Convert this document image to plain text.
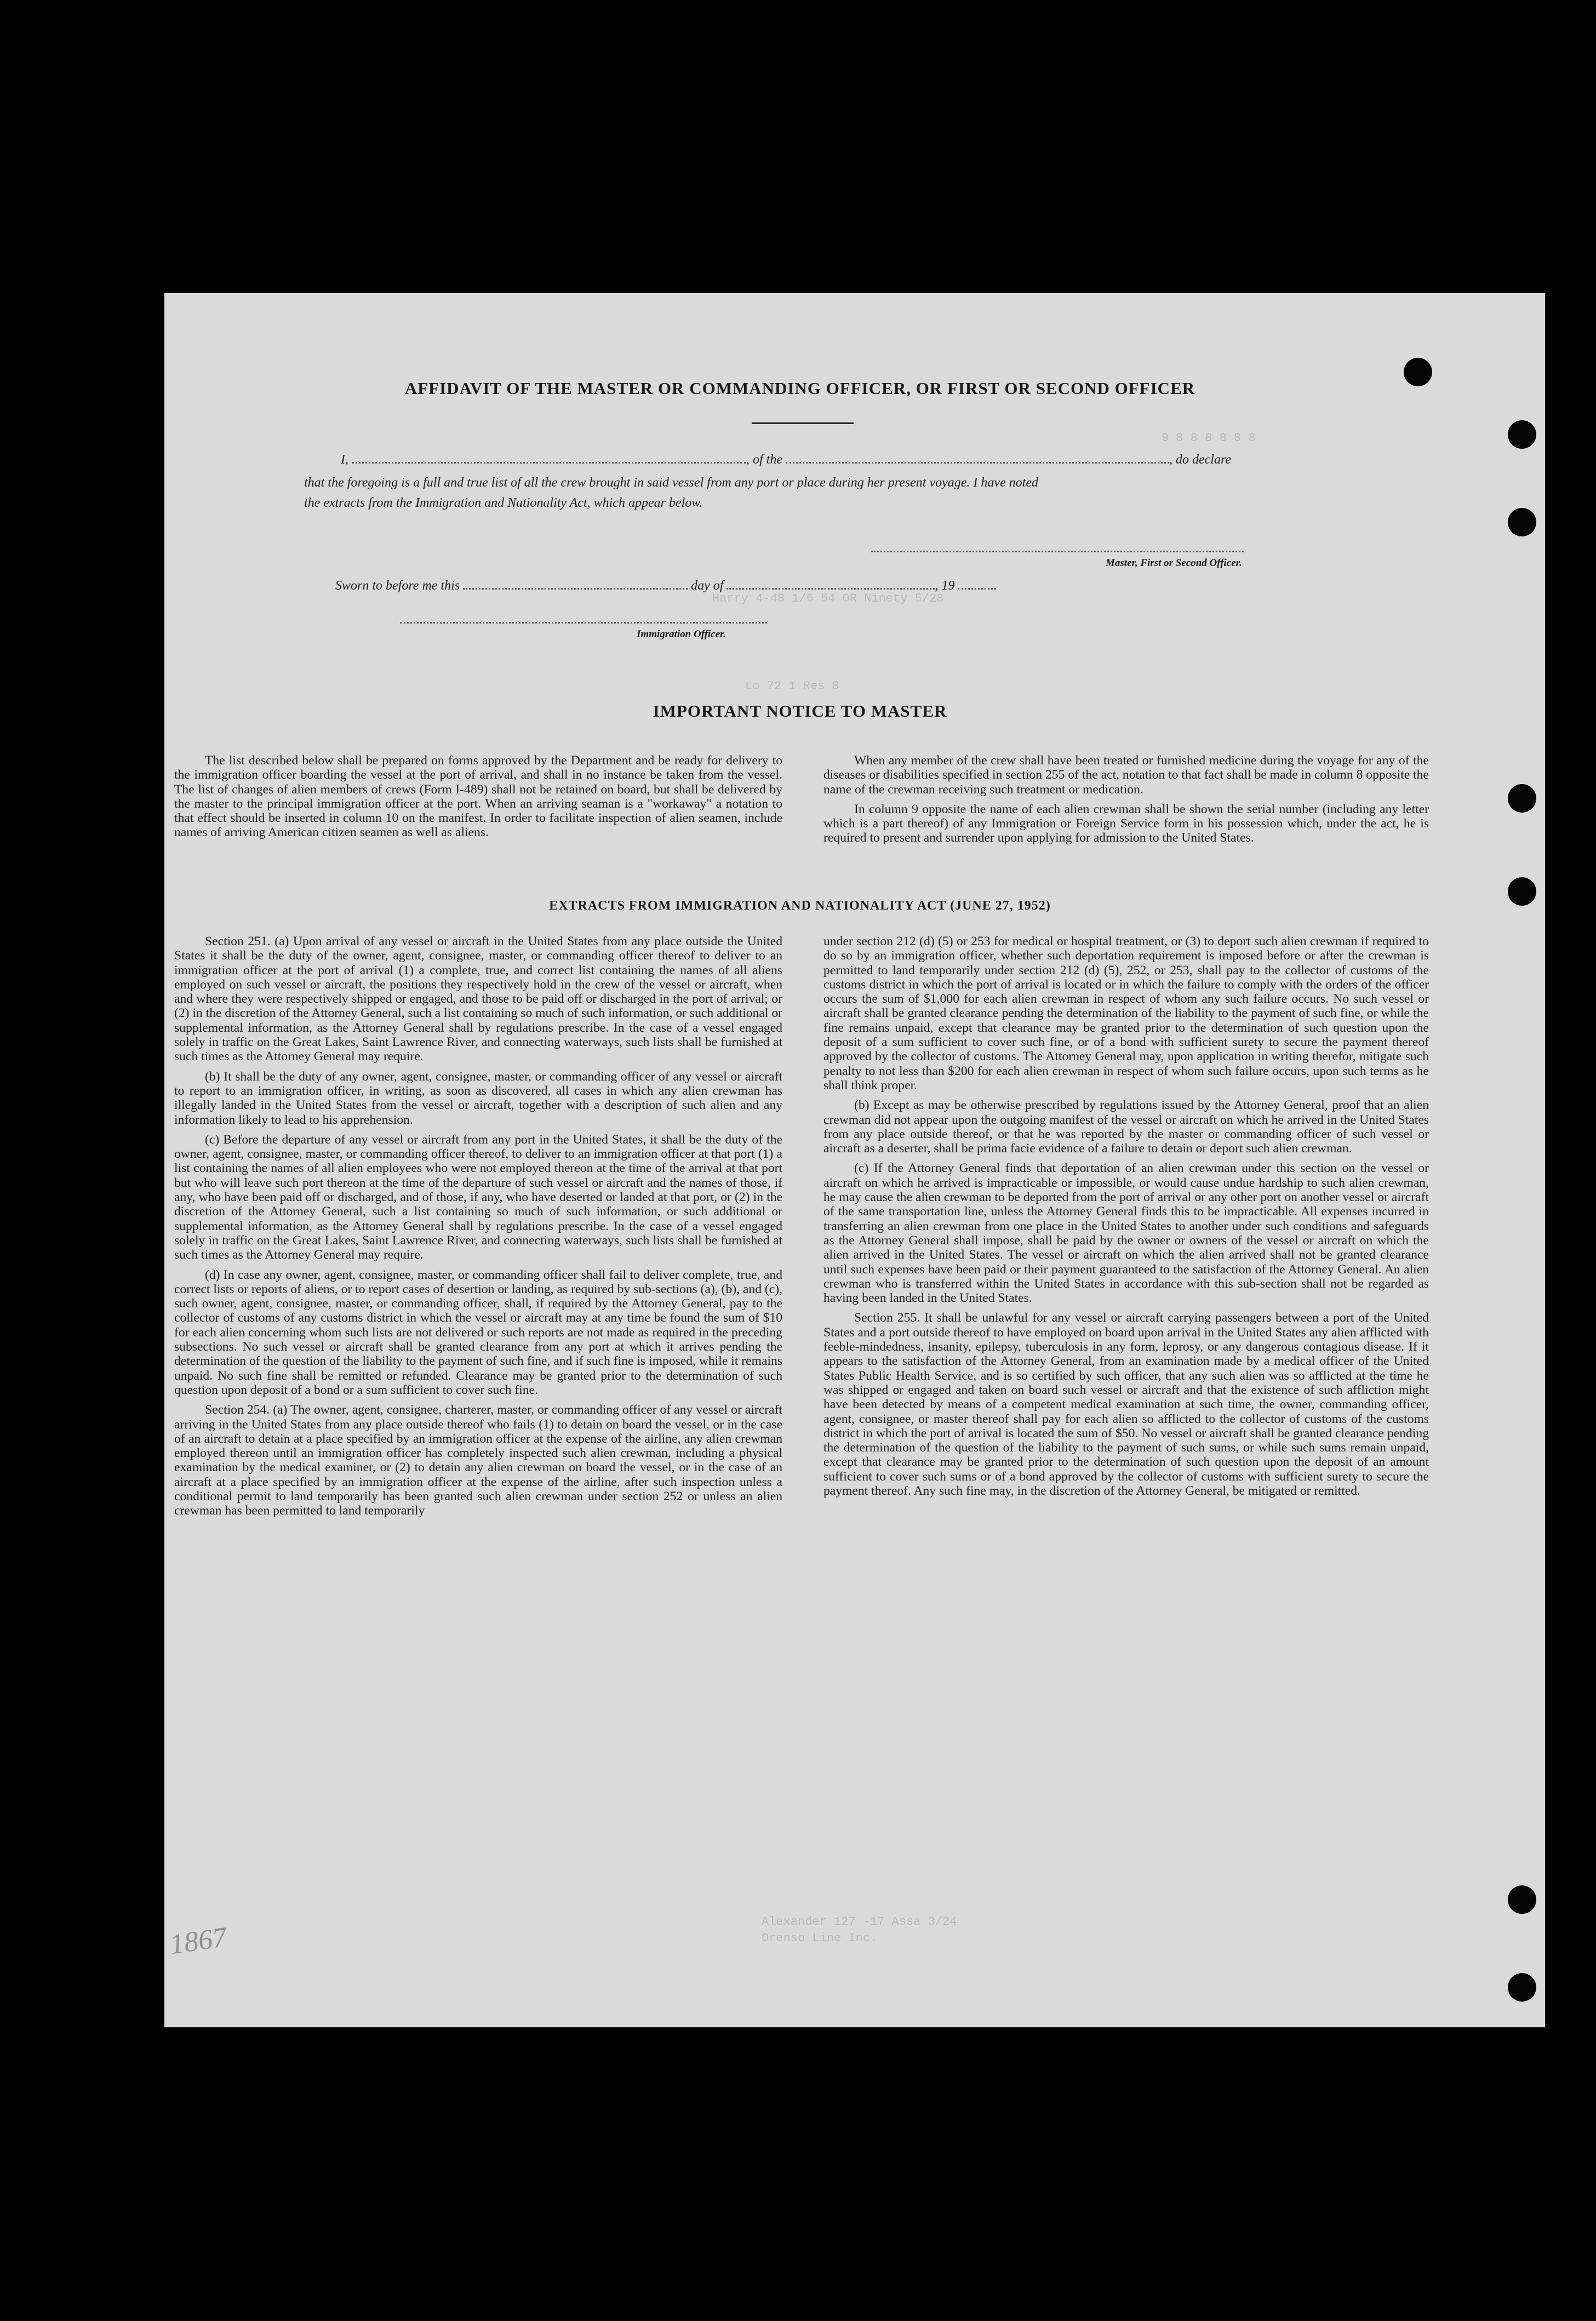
9 8 8 8 8 8 8
Harry 4-48 1/6 54 OR Ninety 5/28
Lo 72 1 Res 8
Alexander 127 -17 Assa 3/24
Orenso Line Inc.
AFFIDAVIT OF THE MASTER OR COMMANDING OFFICER, OR FIRST OR SECOND OFFICER
I,	, of the	, do declare
that the foregoing is a full and true list of all the crew brought in said vessel from any port or place during her present voyage. I have noted
the extracts from the Immigration and Nationality Act, which appear below.
Master, First or Second Officer.
Sworn to before me this	day of	, 19
Immigration Officer.
IMPORTANT NOTICE TO MASTER

The list described below shall be prepared on forms approved by the Department and be ready for delivery to the immigration officer boarding the vessel at the port of arrival, and shall in no instance be taken from the vessel. The list of changes of alien members of crews (Form I-489) shall not be retained on board, but shall be delivered by the master to the principal immigration officer at the port. When an arriving seaman is a "workaway" a notation to that effect should be inserted in column 10 on the manifest. In order to facilitate inspection of alien seamen, include names of arriving American citizen seamen as well as aliens.

When any member of the crew shall have been treated or furnished medicine during the voyage for any of the diseases or disabilities specified in section 255 of the act, notation to that fact shall be made in column 8 opposite the name of the crewman receiving such treatment or medication.

In column 9 opposite the name of each alien crewman shall be shown the serial number (including any letter which is a part thereof) of any Immigration or Foreign Service form in his possession which, under the act, he is required to present and surrender upon applying for admission to the United States.

EXTRACTS FROM IMMIGRATION AND NATIONALITY ACT (JUNE 27, 1952)

Section 251. (a) Upon arrival of any vessel or aircraft in the United States from any place outside the United States it shall be the duty of the owner, agent, consignee, master, or commanding officer thereof to deliver to an immigration officer at the port of arrival (1) a complete, true, and correct list containing the names of all aliens employed on such vessel or aircraft, the positions they respectively hold in the crew of the vessel or aircraft, when and where they were respectively shipped or engaged, and those to be paid off or discharged in the port of arrival; or (2) in the discretion of the Attorney General, such a list containing so much of such information, or such additional or supplemental information, as the Attorney General shall by regulations prescribe. In the case of a vessel engaged solely in traffic on the Great Lakes, Saint Lawrence River, and connecting waterways, such lists shall be furnished at such times as the Attorney General may require.

(b) It shall be the duty of any owner, agent, consignee, master, or commanding officer of any vessel or aircraft to report to an immigration officer, in writing, as soon as discovered, all cases in which any alien crewman has illegally landed in the United States from the vessel or aircraft, together with a description of such alien and any information likely to lead to his apprehension.

(c) Before the departure of any vessel or aircraft from any port in the United States, it shall be the duty of the owner, agent, consignee, master, or commanding officer thereof, to deliver to an immigration officer at that port (1) a list containing the names of all alien employees who were not employed thereon at the time of the arrival at that port but who will leave such port thereon at the time of the departure of such vessel or aircraft and the names of those, if any, who have been paid off or discharged, and of those, if any, who have deserted or landed at that port, or (2) in the discretion of the Attorney General, such a list containing so much of such information, or such additional or supplemental information, as the Attorney General shall by regulations prescribe. In the case of a vessel engaged solely in traffic on the Great Lakes, Saint Lawrence River, and connecting waterways, such lists shall be furnished at such times as the Attorney General may require.

(d) In case any owner, agent, consignee, master, or commanding officer shall fail to deliver complete, true, and correct lists or reports of aliens, or to report cases of desertion or landing, as required by sub-sections (a), (b), and (c), such owner, agent, consignee, master, or commanding officer, shall, if required by the Attorney General, pay to the collector of customs of any customs district in which the vessel or aircraft may at any time be found the sum of $10 for each alien concerning whom such lists are not delivered or such reports are not made as required in the preceding subsections. No such vessel or aircraft shall be granted clearance from any port at which it arrives pending the determination of the question of the liability to the payment of such fine, and if such fine is imposed, while it remains unpaid. No such fine shall be remitted or refunded. Clearance may be granted prior to the determination of such question upon deposit of a bond or a sum sufficient to cover such fine.

Section 254. (a) The owner, agent, consignee, charterer, master, or commanding officer of any vessel or aircraft arriving in the United States from any place outside thereof who fails (1) to detain on board the vessel, or in the case of an aircraft to detain at a place specified by an immigration officer at the expense of the airline, any alien crewman employed thereon until an immigration officer has completely inspected such alien crewman, including a physical examination by the medical examiner, or (2) to detain any alien crewman on board the vessel, or in the case of an aircraft at a place specified by an immigration officer at the expense of the airline, after such inspection unless a conditional permit to land temporarily has been granted such alien crewman under section 252 or unless an alien crewman has been permitted to land temporarily

under section 212 (d) (5) or 253 for medical or hospital treatment, or (3) to deport such alien crewman if required to do so by an immigration officer, whether such deportation requirement is imposed before or after the crewman is permitted to land temporarily under section 212 (d) (5), 252, or 253, shall pay to the collector of customs of the customs district in which the port of arrival is located or in which the failure to comply with the orders of the officer occurs the sum of $1,000 for each alien crewman in respect of whom any such failure occurs. No such vessel or aircraft shall be granted clearance pending the determination of the liability to the payment of such fine, or while the fine remains unpaid, except that clearance may be granted prior to the determination of such question upon the deposit of a sum sufficient to cover such fine, or of a bond with sufficient surety to secure the payment thereof approved by the collector of customs. The Attorney General may, upon application in writing therefor, mitigate such penalty to not less than $200 for each alien crewman in respect of whom such failure occurs, upon such terms as he shall think proper.

(b) Except as may be otherwise prescribed by regulations issued by the Attorney General, proof that an alien crewman did not appear upon the outgoing manifest of the vessel or aircraft on which he arrived in the United States from any place outside thereof, or that he was reported by the master or commanding officer of such vessel or aircraft as a deserter, shall be prima facie evidence of a failure to detain or deport such alien crewman.

(c) If the Attorney General finds that deportation of an alien crewman under this section on the vessel or aircraft on which he arrived is impracticable or impossible, or would cause undue hardship to such alien crewman, he may cause the alien crewman to be deported from the port of arrival or any other port on another vessel or aircraft of the same transportation line, unless the Attorney General finds this to be impracticable. All expenses incurred in transferring an alien crewman from one place in the United States to another under such conditions and safeguards as the Attorney General shall impose, shall be paid by the owner or owners of the vessel or aircraft on which the alien arrived in the United States. The vessel or aircraft on which the alien arrived shall not be granted clearance until such expenses have been paid or their payment guaranteed to the satisfaction of the Attorney General. An alien crewman who is transferred within the United States in accordance with this sub-section shall not be regarded as having been landed in the United States.

Section 255. It shall be unlawful for any vessel or aircraft carrying passengers between a port of the United States and a port outside thereof to have employed on board upon arrival in the United States any alien afflicted with feeble-mindedness, insanity, epilepsy, tuberculosis in any form, leprosy, or any dangerous contagious disease. If it appears to the satisfaction of the Attorney General, from an examination made by a medical officer of the United States Public Health Service, and is so certified by such officer, that any such alien was so afflicted at the time he was shipped or engaged and taken on board such vessel or aircraft and that the existence of such affliction might have been detected by means of a competent medical examination at such time, the owner, commanding officer, agent, consignee, or master thereof shall pay for each alien so afflicted to the collector of customs of the customs district in which the port of arrival is located the sum of $50. No vessel or aircraft shall be granted clearance pending the determination of the question of the liability to the payment of such sums, or while such sums remain unpaid, except that clearance may be granted prior to the determination of such question upon the deposit of an amount sufficient to cover such sums or of a bond approved by the collector of customs with sufficient surety to secure the payment thereof. Any such fine may, in the discretion of the Attorney General, be mitigated or remitted.

1867
